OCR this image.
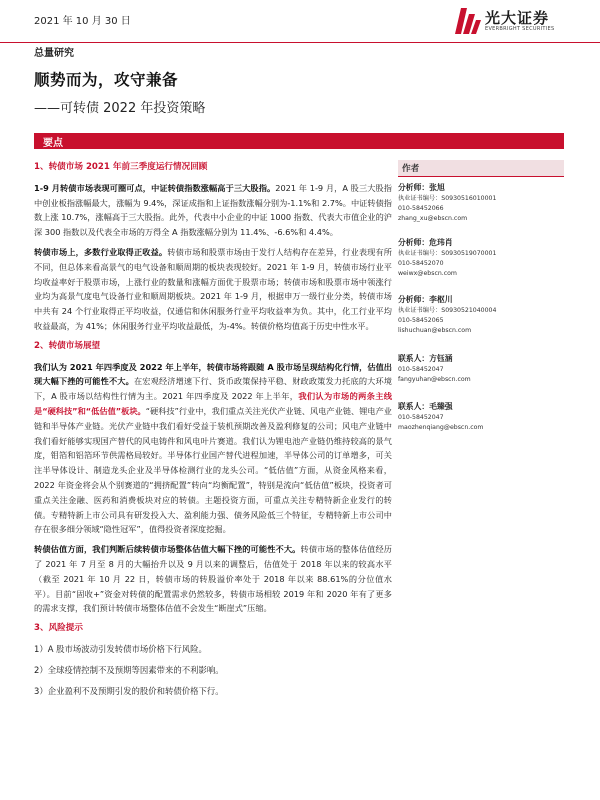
2021 年 10 月 30 日	光大证券
EVERBRIGHT SECURITIES
总量研究
顺势而为，攻守兼备
——可转债 2022 年投资策略
要点
1、转债市场 2021 年前三季度运行情况回顾

1-9 月转债市场表现可圈可点，中证转债指数涨幅高于三大股指。2021 年 1-9 月，A 股三大股指中创业板指涨幅最大，涨幅为 9.4%，深证成指和上证指数涨幅分别为-1.1%和 2.7%。中证转债指数上涨 10.7%，涨幅高于三大股指。此外，代表中小企业的中证 1000 指数、代表大市值企业的沪深 300 指数以及代表全市场的万得全 A 指数涨幅分别为 11.4%、-6.6%和 4.4%。

转债市场上，多数行业取得正收益。转债市场和股票市场由于发行人结构存在差异，行业表现有所不同，但总体来看高景气的电气设备和顺周期的板块表现较好。2021 年 1-9 月，转债市场行业平均收益率好于股票市场，上涨行业的数量和涨幅方面优于股票市场；转债市场和股票市场中领涨行业均为高景气度电气设备行业和顺周期板块。2021 年 1-9 月，根据申万一级行业分类，转债市场中共有 24 个行业取得正平均收益，仅通信和休闲服务行业平均收益率为负。其中，化工行业平均收益最高，为 41%；休闲服务行业平均收益最低，为-4%。转债价格均值高于历史中性水平。

2、转债市场展望

我们认为 2021 年四季度及 2022 年上半年，转债市场将跟随 A 股市场呈现结构化行情，估值出现大幅下挫的可能性不大。在宏观经济增速下行、货币政策保持平稳、财政政策发力托底的大环境下，A 股市场以结构性行情为主。2021 年四季度及 2022 年上半年，我们认为市场的两条主线是“硬科技”和“低估值”板块。“硬科技”行业中，我们重点关注光伏产业链、风电产业链、锂电产业链和半导体产业链。光伏产业链中我们看好受益于装机预期改善及盈利修复的公司；风电产业链中我们看好能够实现国产替代的风电铸件和风电叶片赛道。我们认为锂电池产业链仍维持较高的景气度，钼箔和铝箔环节供需格局较好。半导体行业国产替代进程加速，半导体公司的订单增多，可关注半导体设计、制造龙头企业及半导体检测行业的龙头公司。“低估值”方面，从资金风格来看，2022 年资金将会从个别赛道的“拥挤配置”转向“均衡配置”，特别是流向“低估值”板块，投资者可重点关注金融、医药和消费板块对应的转债。主题投资方面，可重点关注专精特新企业发行的转债。专精特新上市公司具有研发投入大、盈利能力强、债务风险低三个特征，专精特新上市公司中存在很多细分领域“隐性冠军”，值得投资者深度挖掘。

转债估值方面，我们判断后续转债市场整体估值大幅下挫的可能性不大。转债市场的整体估值经历了 2021 年 7 月至 8 月的大幅抬升以及 9 月以来的调整后，估值处于 2018 年以来的较高水平（截至 2021 年 10 月 22 日，转债市场的转股溢价率处于 2018 年以来 88.61%的分位值水平）。目前“固收+”资金对转债的配置需求仍然较多，转债市场相较 2019 年和 2020 年有了更多的需求支撑，我们预计转债市场整体估值不会发生“断崖式”压缩。

3、风险提示
1）A 股市场波动引发转债市场价格下行风险。
2）全球疫情控制不及预期等因素带来的不利影响。
3）企业盈利不及预期引发的股价和转债价格下行。
作者
分析师：张旭
执业证书编号：S0930516010001
010-58452066
zhang_xu@ebscn.com
分析师：危玮肖
执业证书编号：S0930519070001
010-58452070
weiwx@ebscn.com
分析师：李枢川
执业证书编号：S0930521040004
010-58452065
lishuchuan@ebscn.com
联系人：方钰涵
010-58452047
fangyuhan@ebscn.com
联系人：毛臻强
010-58452047
maozhenqiang@ebscn.com
